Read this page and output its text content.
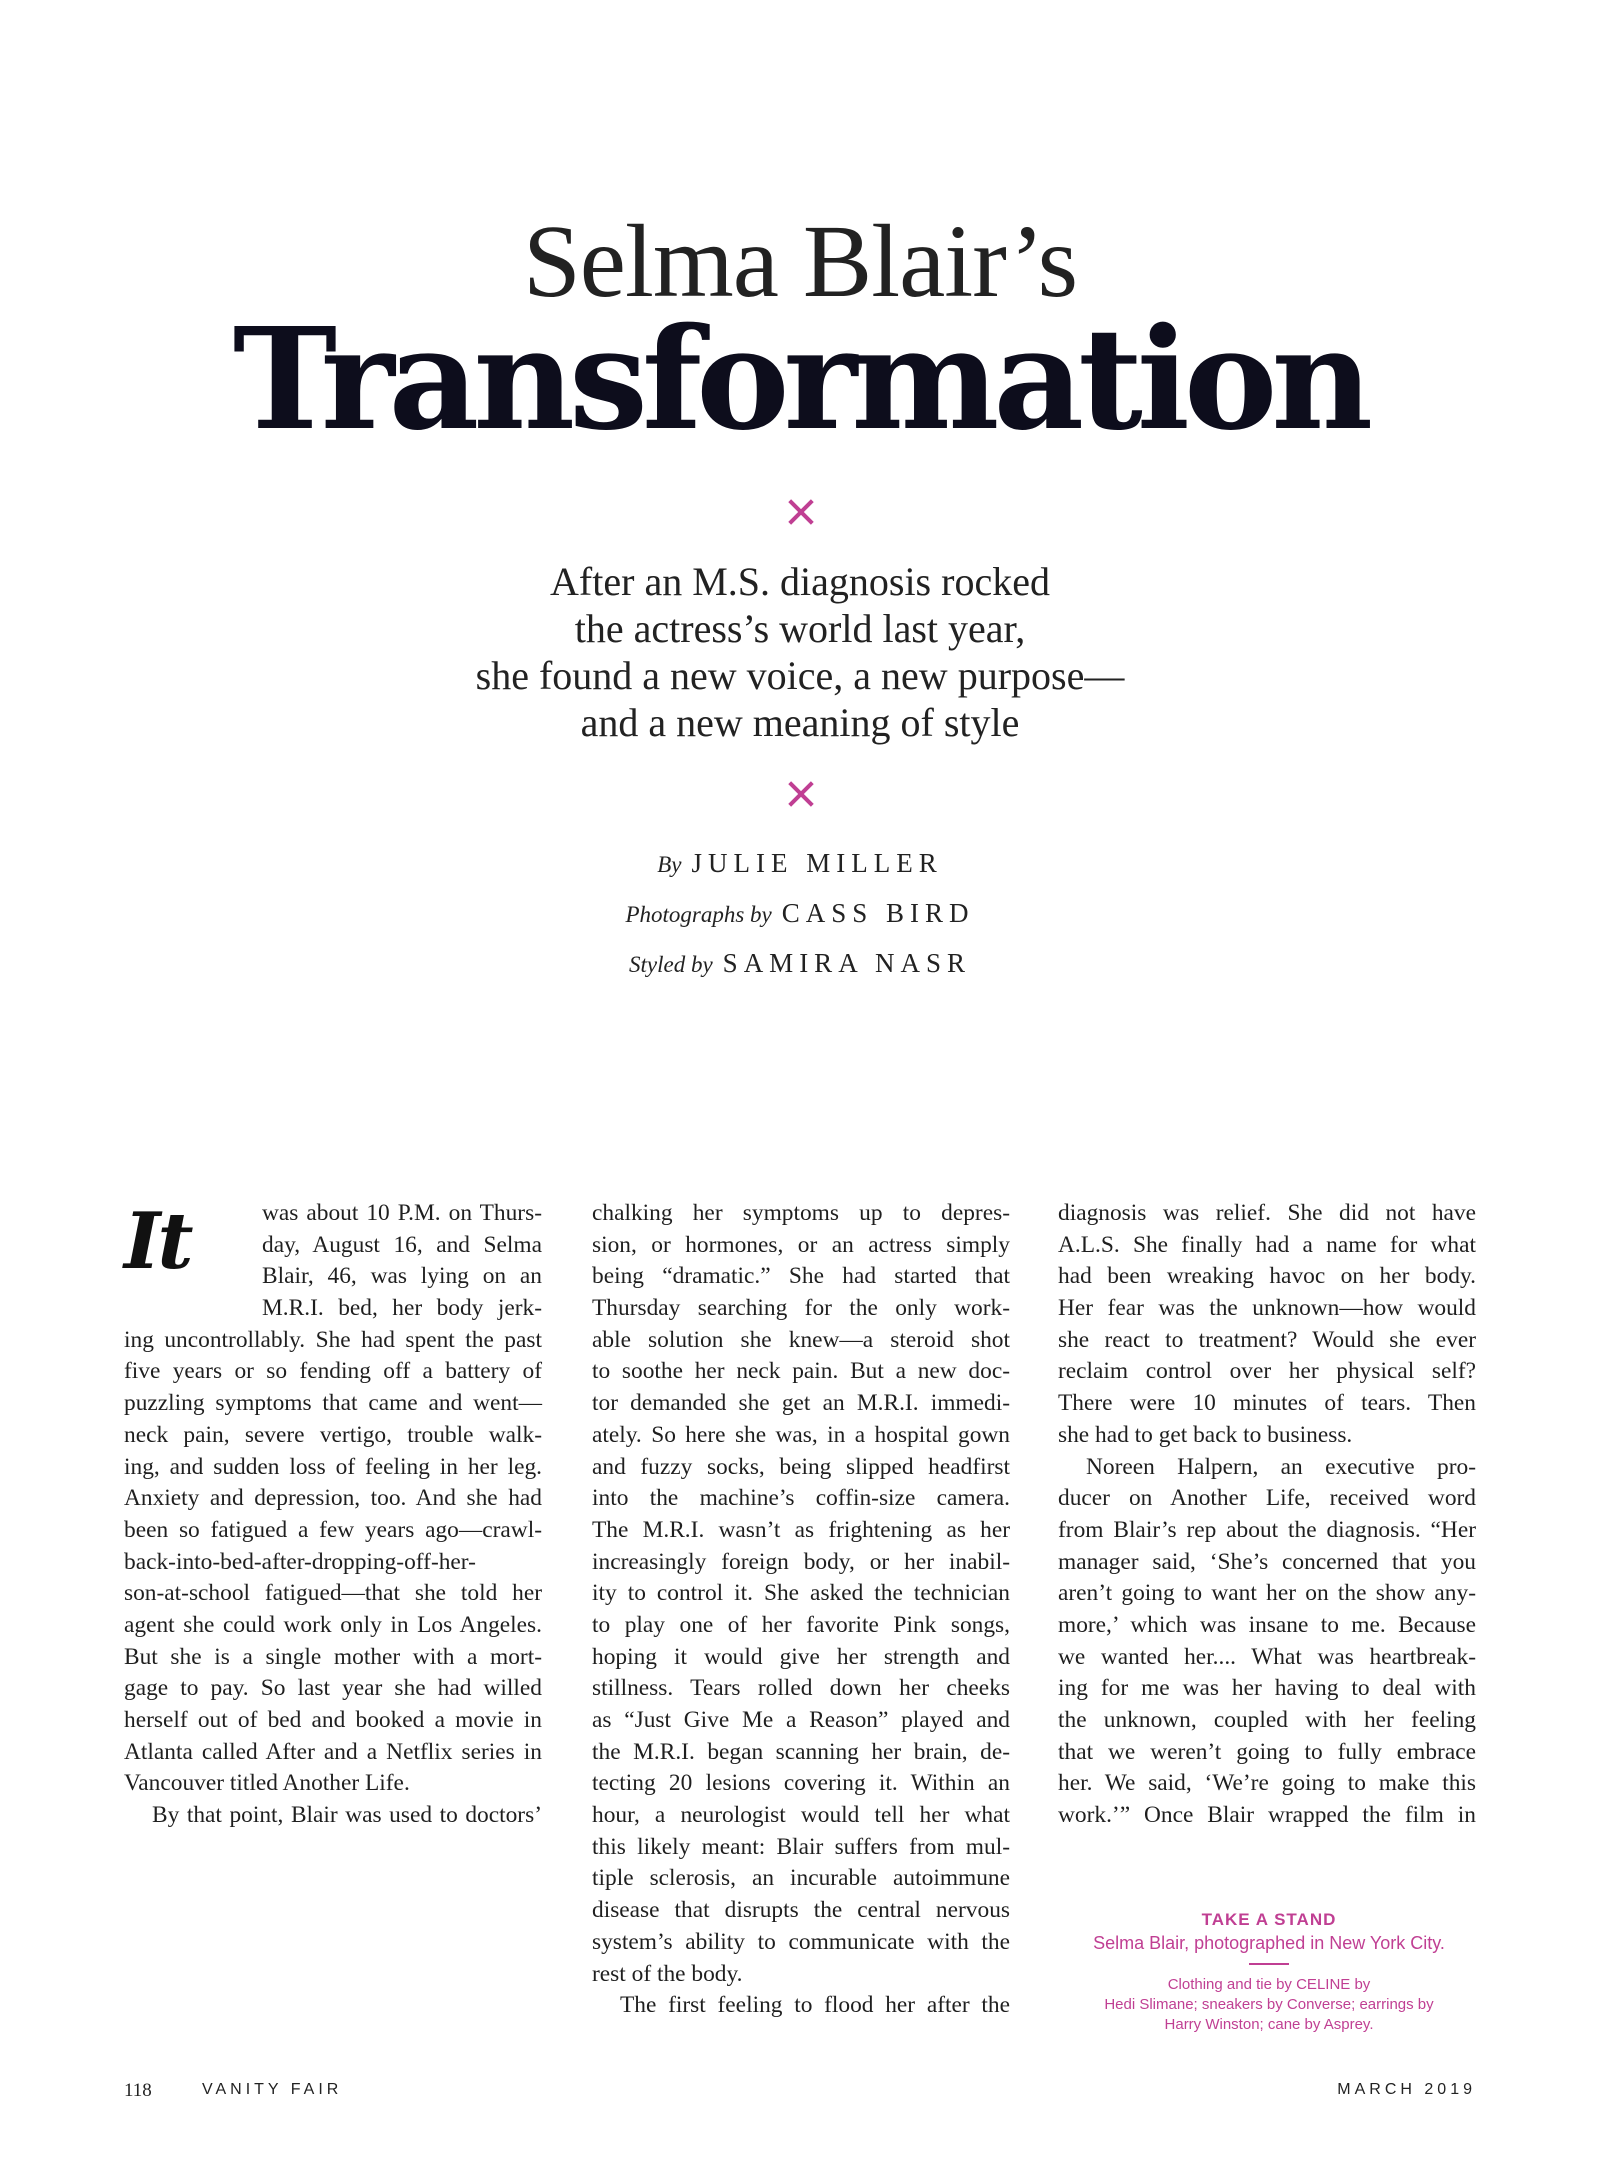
Selma Blair’s
Transformation
After an M.S. diagnosis rocked
the actress’s world last year,
she found a new voice, a new purpose—
and a new meaning of style
By JULIE MILLER
Photographs by CASS BIRD
Styled by SAMIRA NASR
It	was about 10 P.M. on Thurs-
day, August 16, and Selma
Blair, 46, was lying on an
M.R.I. bed, her body jerk-
ing uncontrollably. She had spent the past
five years or so fending off a battery of
puzzling symptoms that came and went—
neck pain, severe vertigo, trouble walk-
ing, and sudden loss of feeling in her leg.
Anxiety and depression, too. And she had
been so fatigued a few years ago—crawl-
back-into-bed-after-dropping-off-her-
son-at-school fatigued—that she told her
agent she could work only in Los Angeles.
But she is a single mother with a mort-
gage to pay. So last year she had willed
herself out of bed and booked a movie in
Atlanta called After and a Netflix series in
Vancouver titled Another Life.
By that point, Blair was used to doctors’
chalking her symptoms up to depres-
sion, or hormones, or an actress simply
being “dramatic.” She had started that
Thursday searching for the only work-
able solution she knew—a steroid shot
to soothe her neck pain. But a new doc-
tor demanded she get an M.R.I. immedi-
ately. So here she was, in a hospital gown
and fuzzy socks, being slipped headfirst
into the machine’s coffin-size camera.
The M.R.I. wasn’t as frightening as her
increasingly foreign body, or her inabil-
ity to control it. She asked the technician
to play one of her favorite Pink songs,
hoping it would give her strength and
stillness. Tears rolled down her cheeks
as “Just Give Me a Reason” played and
the M.R.I. began scanning her brain, de-
tecting 20 lesions covering it. Within an
hour, a neurologist would tell her what
this likely meant: Blair suffers from mul-
tiple sclerosis, an incurable autoimmune
disease that disrupts the central nervous
system’s ability to communicate with the
rest of the body.
The first feeling to flood her after the
diagnosis was relief. She did not have
A.L.S. She finally had a name for what
had been wreaking havoc on her body.
Her fear was the unknown—how would
she react to treatment? Would she ever
reclaim control over her physical self?
There were 10 minutes of tears. Then
she had to get back to business.
Noreen Halpern, an executive pro-
ducer on Another Life, received word
from Blair’s rep about the diagnosis. “Her
manager said, ‘She’s concerned that you
aren’t going to want her on the show any-
more,’ which was insane to me. Because
we wanted her.... What was heartbreak-
ing for me was her having to deal with
the unknown, coupled with her feeling
that we weren’t going to fully embrace
her. We said, ‘We’re going to make this
work.’” Once Blair wrapped the film in
TAKE A STAND
Selma Blair, photographed in New York City.
Clothing and tie by CELINE by
Hedi Slimane; sneakers by Converse; earrings by
Harry Winston; cane by Asprey.
118	VANITY FAIR	MARCH 2019
